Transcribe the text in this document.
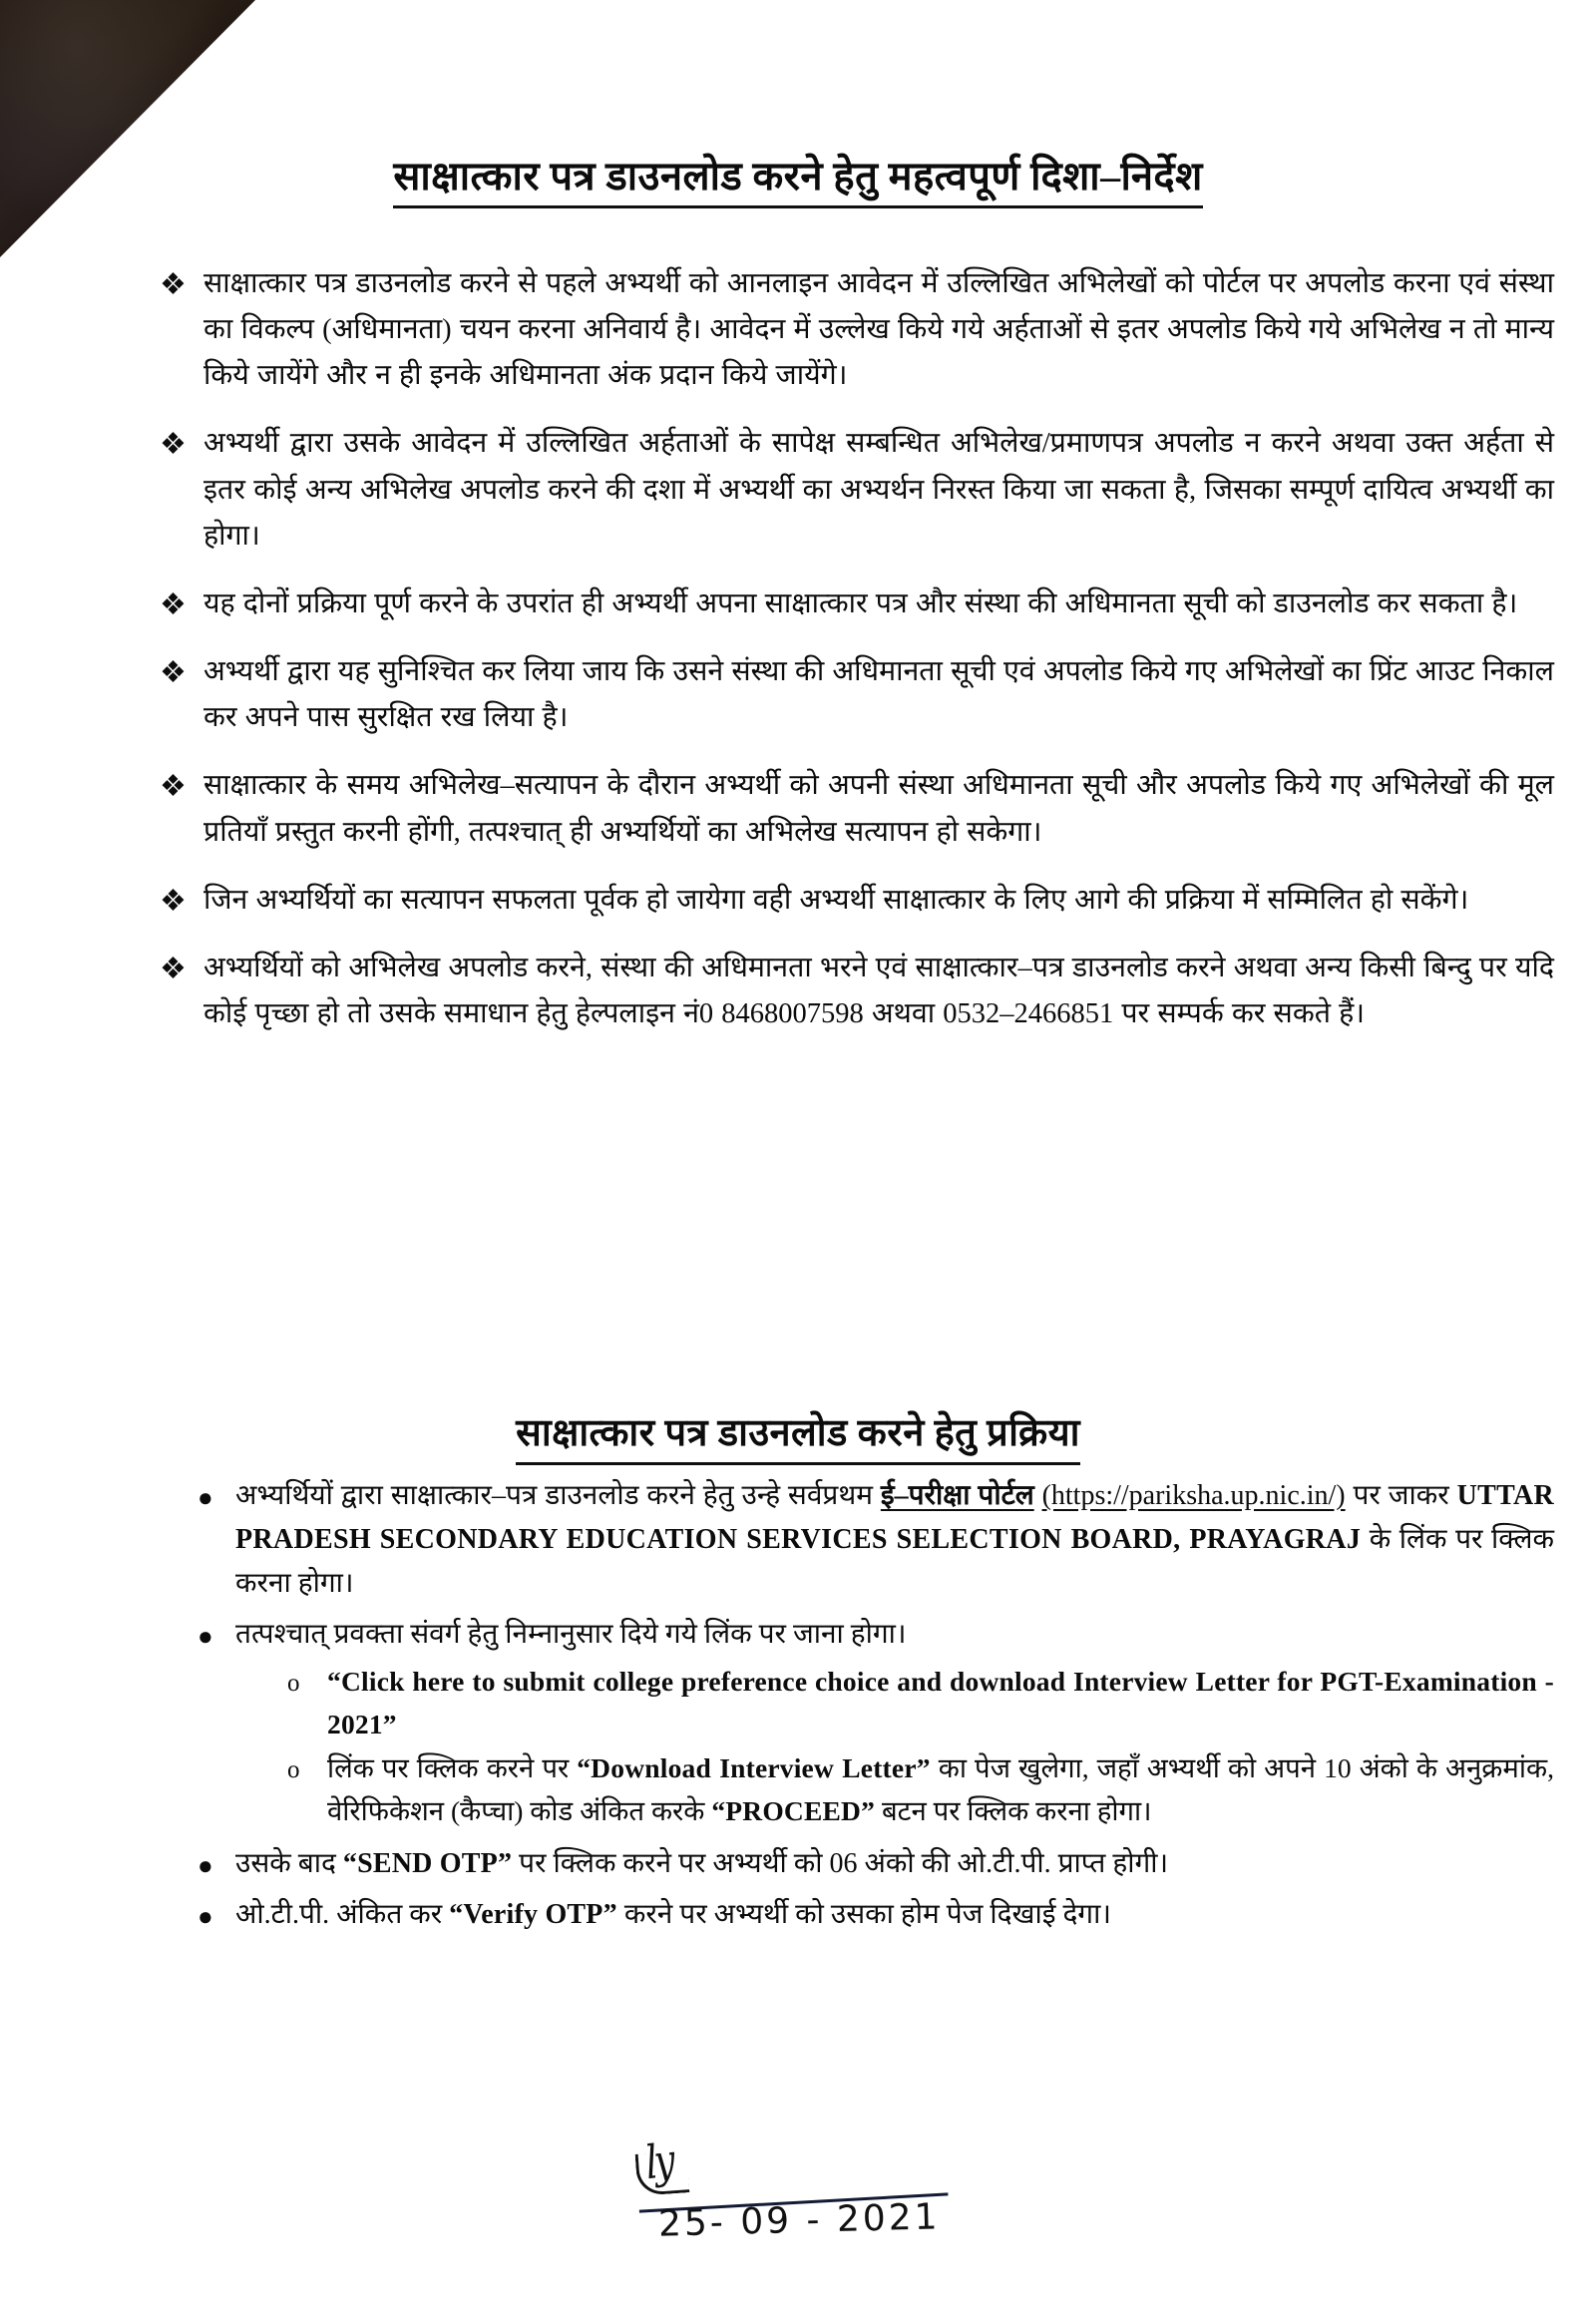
साक्षात्कार पत्र डाउनलोड करने हेतु महत्वपूर्ण दिशा–निर्देश
❖ साक्षात्कार पत्र डाउनलोड करने से पहले अभ्यर्थी को आनलाइन आवेदन में उल्लिखित अभिलेखों को पोर्टल पर अपलोड करना एवं संस्था का विकल्प (अधिमानता) चयन करना अनिवार्य है। आवेदन में उल्लेख किये गये अर्हताओं से इतर अपलोड किये गये अभिलेख न तो मान्य किये जायेंगे और न ही इनके अधिमानता अंक प्रदान किये जायेंगे।
❖ अभ्यर्थी द्वारा उसके आवेदन में उल्लिखित अर्हताओं के सापेक्ष सम्बन्धित अभिलेख/प्रमाणपत्र अपलोड न करने अथवा उक्त अर्हता से इतर कोई अन्य अभिलेख अपलोड करने की दशा में अभ्यर्थी का अभ्यर्थन निरस्त किया जा सकता है, जिसका सम्पूर्ण दायित्व अभ्यर्थी का होगा।
❖ यह दोनों प्रक्रिया पूर्ण करने के उपरांत ही अभ्यर्थी अपना साक्षात्कार पत्र और संस्था की अधिमानता सूची को डाउनलोड कर सकता है।
❖ अभ्यर्थी द्वारा यह सुनिश्चित कर लिया जाय कि उसने संस्था की अधिमानता सूची एवं अपलोड किये गए अभिलेखों का प्रिंट आउट निकाल कर अपने पास सुरक्षित रख लिया है।
❖ साक्षात्कार के समय अभिलेख–सत्यापन के दौरान अभ्यर्थी को अपनी संस्था अधिमानता सूची और अपलोड किये गए अभिलेखों की मूल प्रतियाँ प्रस्तुत करनी होंगी, तत्पश्चात् ही अभ्यर्थियों का अभिलेख सत्यापन हो सकेगा।
❖ जिन अभ्यर्थियों का सत्यापन सफलता पूर्वक हो जायेगा वही अभ्यर्थी साक्षात्कार के लिए आगे की प्रक्रिया में सम्मिलित हो सकेंगे।
❖ अभ्यर्थियों को अभिलेख अपलोड करने, संस्था की अधिमानता भरने एवं साक्षात्कार–पत्र डाउनलोड करने अथवा अन्य किसी बिन्दु पर यदि कोई पृच्छा हो तो उसके समाधान हेतु हेल्पलाइन नं0 8468007598 अथवा 0532–2466851 पर सम्पर्क कर सकते हैं।
साक्षात्कार पत्र डाउनलोड करने हेतु प्रक्रिया
● अभ्यर्थियों द्वारा साक्षात्कार–पत्र डाउनलोड करने हेतु उन्हे सर्वप्रथम ई–परीक्षा पोर्टल (https://pariksha.up.nic.in/) पर जाकर UTTAR PRADESH SECONDARY EDUCATION SERVICES SELECTION BOARD, PRAYAGRAJ के लिंक पर क्लिक करना होगा।
● तत्पश्चात् प्रवक्ता संवर्ग हेतु निम्नानुसार दिये गये लिंक पर जाना होगा।
o	“Click here to submit college preference choice and download Interview Letter for PGT-Examination - 2021”
o	लिंक पर क्लिक करने पर “Download Interview Letter” का पेज खुलेगा, जहाँ अभ्यर्थी को अपने 10 अंको के अनुक्रमांक, वेरिफिकेशन (कैप्चा) कोड अंकित करके “PROCEED” बटन पर क्लिक करना होगा।
● उसके बाद “SEND OTP” पर क्लिक करने पर अभ्यर्थी को 06 अंको की ओ.टी.पी. प्राप्त होगी।
● ओ.टी.पी. अंकित कर “Verify OTP” करने पर अभ्यर्थी को उसका होम पेज दिखाई देगा।
ly
25- 09 - 2021
